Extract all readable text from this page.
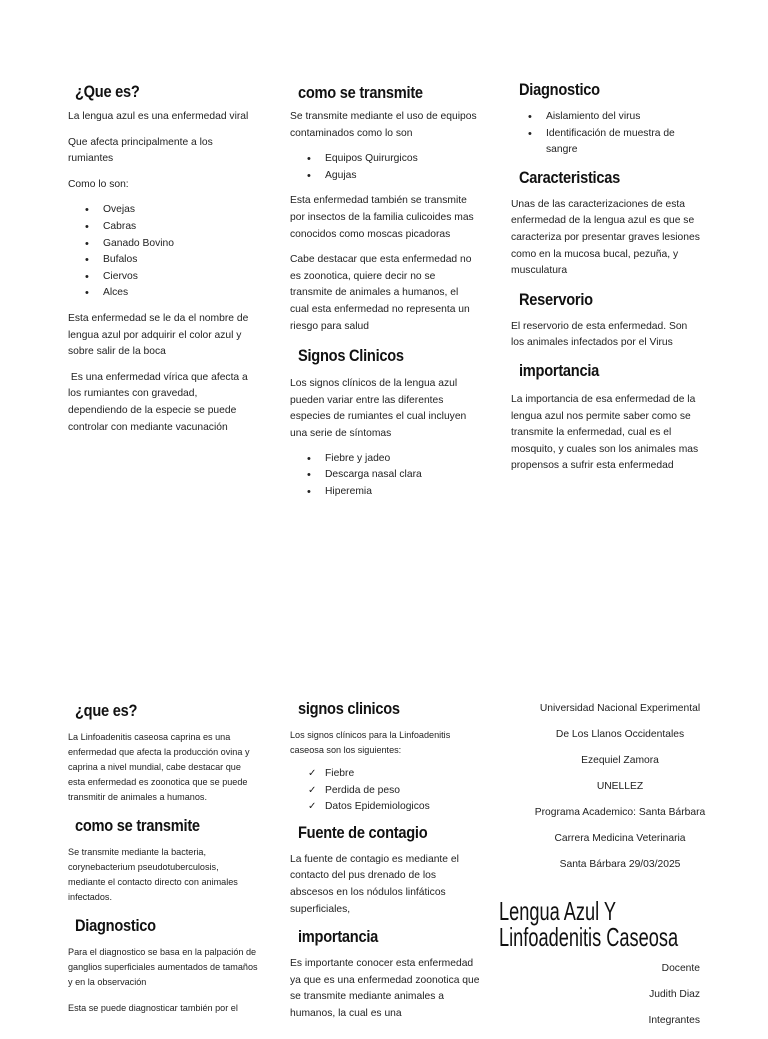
¿Que es?

La lengua azul es una enfermedad viral

Que afecta principalmente a los rumiantes

Como lo son:

• Ovejas
• Cabras
• Ganado Bovino
• Bufalos
• Ciervos
• Alces

Esta enfermedad se le da el nombre de lengua azul por adquirir el color azul y sobre salir de la boca

Es una enfermedad vírica que afecta a los rumiantes con gravedad, dependiendo de la especie se puede controlar con mediante vacunación

como se transmite

Se transmite mediante el uso de equipos contaminados como lo son

• Equipos Quirurgicos
• Agujas

Esta enfermedad también se transmite por insectos de la familia culicoides mas conocidos como moscas picadoras

Cabe destacar que esta enfermedad no es zoonotica, quiere decir no se transmite de animales a humanos, el cual esta enfermedad no representa un riesgo para salud

Signos Clinicos

Los signos clínicos de la lengua azul pueden variar entre las diferentes especies de rumiantes el cual incluyen una serie de síntomas

• Fiebre y jadeo
• Descarga nasal clara
• Hiperemia
Diagnostico
• Aislamiento del virus
• Identificación de muestra de sangre
Caracteristicas

Unas de las caracterizaciones de esta enfermedad de la lengua azul es que se caracteriza por presentar graves lesiones como en la mucosa bucal, pezuña, y musculatura

Reservorio

El reservorio de esta enfermedad. Son los animales infectados por el Virus

importancia

La importancia de esa enfermedad de la lengua azul nos permite saber como se transmite la enfermedad, cual es el mosquito, y cuales son los animales mas propensos a sufrir esta enfermedad

¿que es?

La Linfoadenitis caseosa caprina es una enfermedad que afecta la producción ovina y caprina a nivel mundial, cabe destacar que esta enfermedad es zoonotica que se puede transmitir de animales a humanos.

como se transmite

Se transmite mediante la bacteria, corynebacterium pseudotuberculosis, mediante el contacto directo con animales infectados.

Diagnostico

Para el diagnostico se basa en la palpación de ganglios superficiales aumentados de tamaños y en la observación

Esta se puede diagnosticar también por el

signos clinicos

Los signos clínicos para la Linfoadenitis caseosa son los siguientes:

✓ Fiebre
✓ Perdida de peso
✓ Datos Epidemiologicos
Fuente de contagio

La fuente de contagio es mediante el contacto del pus drenado de los abscesos en los nódulos linfáticos superficiales,

importancia

Es importante conocer esta enfermedad ya que es una enfermedad zoonotica que se transmite mediante animales a humanos, la cual es una

Universidad Nacional Experimental

De Los Llanos Occidentales

Ezequiel Zamora

UNELLEZ

Programa Academico: Santa Bárbara

Carrera Medicina Veterinaria

Santa Bárbara 29/03/2025

Lengua Azul Y
Linfoadenitis Caseosa

Docente

Judith Diaz

Integrantes
